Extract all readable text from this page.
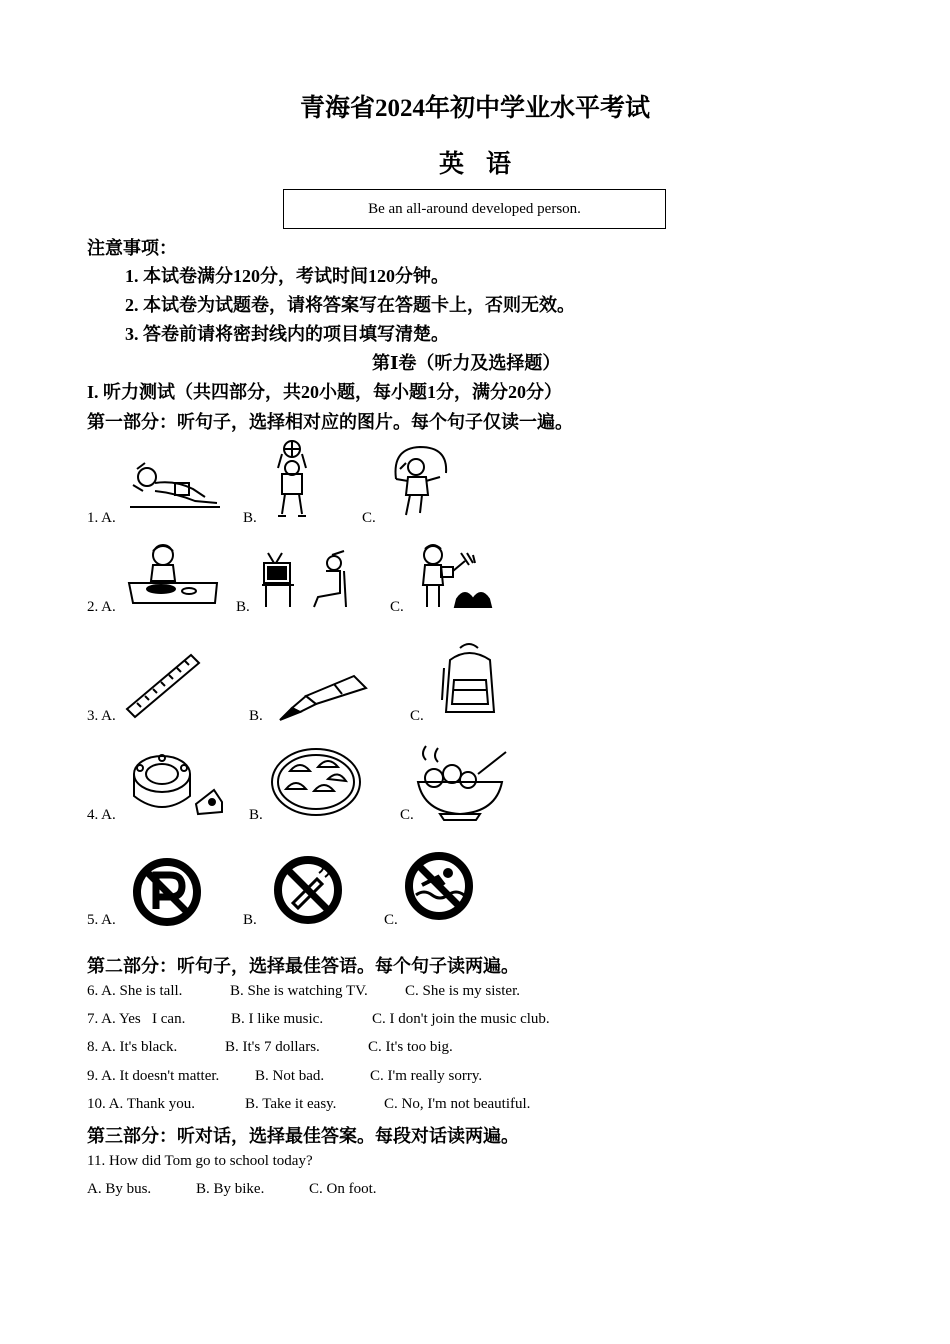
青海省2024年初中学业水平考试
英语
Be an all-around developed person.
注意事项：
1. 本试卷满分120分，考试时间120分钟。
2. 本试卷为试题卷，请将答案写在答题卡上，否则无效。
3. 答卷前请将密封线内的项目填写清楚。
第Ⅰ卷（听力及选择题）
I. 听力测试（共四部分，共20小题，每小题1分，满分20分）
第一部分：听句子，选择相对应的图片。每个句子仅读一遍。
1. A.	B.	C.
2. A.	B.	C.
3. A.	B.	C.
4. A.	B.	C.
5. A.	B.	C.
第二部分：听句子，选择最佳答语。每个句子读两遍。
6. A. She is tall.	B. She is watching TV. C. She is my sister.
7. A. Yes   I can.	B. I like music.	C. I don't join the music club.
8. A. It's black.	B. It's 7 dollars.	C. It's too big.
9. A. It doesn't matter. B. Not bad.	C. I'm really sorry.
10. A. Thank you.	B. Take it easy.	C. No, I'm not beautiful.
第三部分：听对话，选择最佳答案。每段对话读两遍。
11. How did Tom go to school today?
A. By bus.	B. By bike.	C. On foot.
